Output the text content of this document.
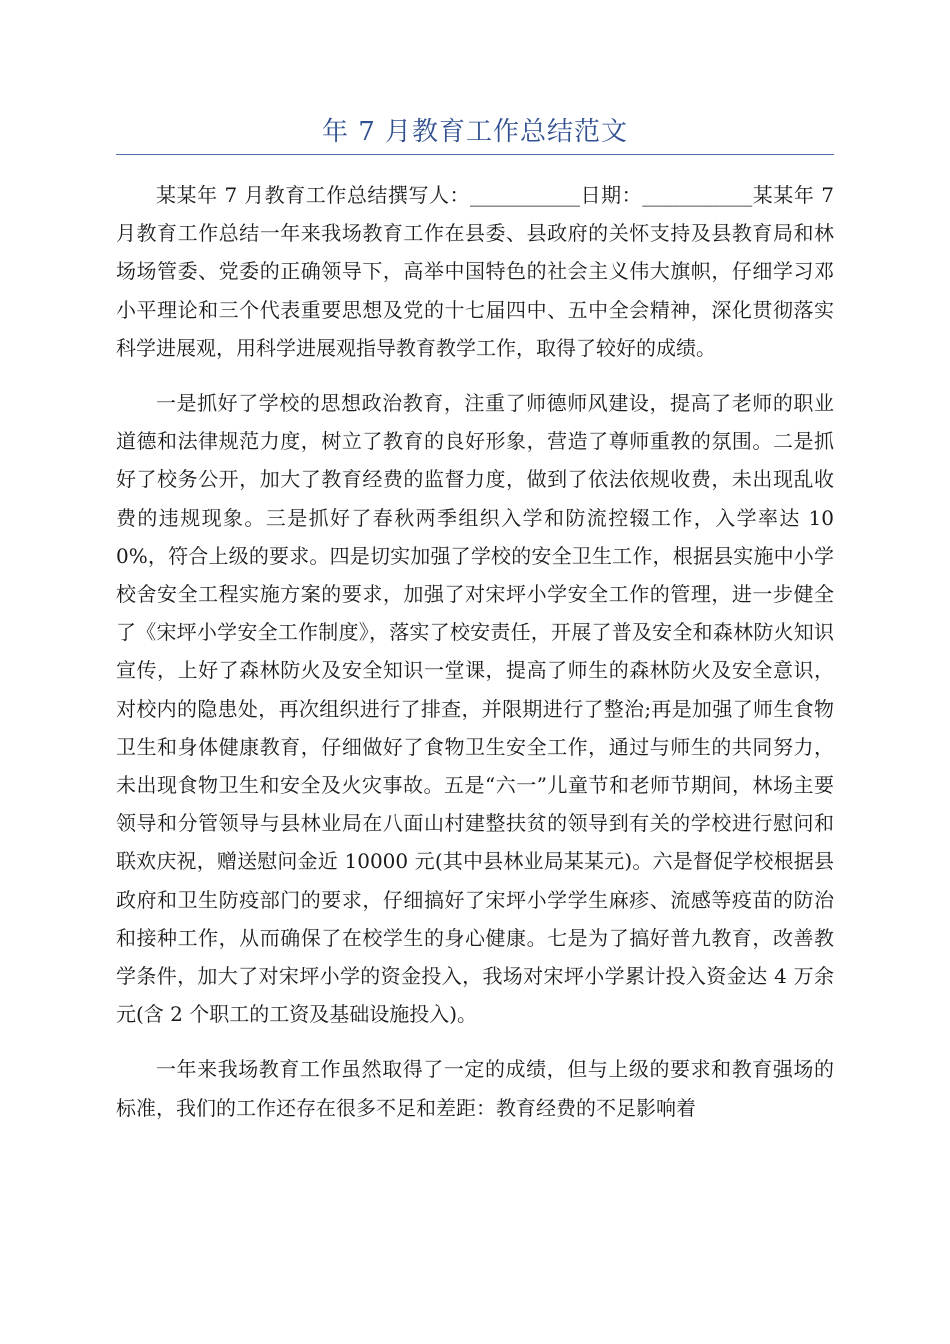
年 7 月教育工作总结范文

某某年 7 月教育工作总结撰写人：___________日期：___________某某年 7 月教育工作总结一年来我场教育工作在县委、县政府的关怀支持及县教育局和林场场管委、党委的正确领导下，高举中国特色的社会主义伟大旗帜，仔细学习邓小平理论和三个代表重要思想及党的十七届四中、五中全会精神，深化贯彻落实科学进展观，用科学进展观指导教育教学工作，取得了较好的成绩。

一是抓好了学校的思想政治教育，注重了师德师风建设，提高了老师的职业道德和法律规范力度，树立了教育的良好形象，营造了尊师重教的氛围。二是抓好了校务公开，加大了教育经费的监督力度，做到了依法依规收费，未出现乱收费的违规现象。三是抓好了春秋两季组织入学和防流控辍工作，入学率达 100%，符合上级的要求。四是切实加强了学校的安全卫生工作，根据县实施中小学校舍安全工程实施方案的要求，加强了对宋坪小学安全工作的管理，进一步健全了《宋坪小学安全工作制度》，落实了校安责任，开展了普及安全和森林防火知识宣传，上好了森林防火及安全知识一堂课，提高了师生的森林防火及安全意识，对校内的隐患处，再次组织进行了排查，并限期进行了整治;再是加强了师生食物卫生和身体健康教育，仔细做好了食物卫生安全工作，通过与师生的共同努力，未出现食物卫生和安全及火灾事故。五是“六一”儿童节和老师节期间，林场主要领导和分管领导与县林业局在八面山村建整扶贫的领导到有关的学校进行慰问和联欢庆祝，赠送慰问金近 10000 元(其中县林业局某某元)。六是督促学校根据县政府和卫生防疫部门的要求，仔细搞好了宋坪小学学生麻疹、流感等疫苗的防治和接种工作，从而确保了在校学生的身心健康。七是为了搞好普九教育，改善教学条件，加大了对宋坪小学的资金投入，我场对宋坪小学累计投入资金达 4 万余元(含 2 个职工的工资及基础设施投入)。

一年来我场教育工作虽然取得了一定的成绩，但与上级的要求和教育强场的标准，我们的工作还存在很多不足和差距：教育经费的不足影响着
